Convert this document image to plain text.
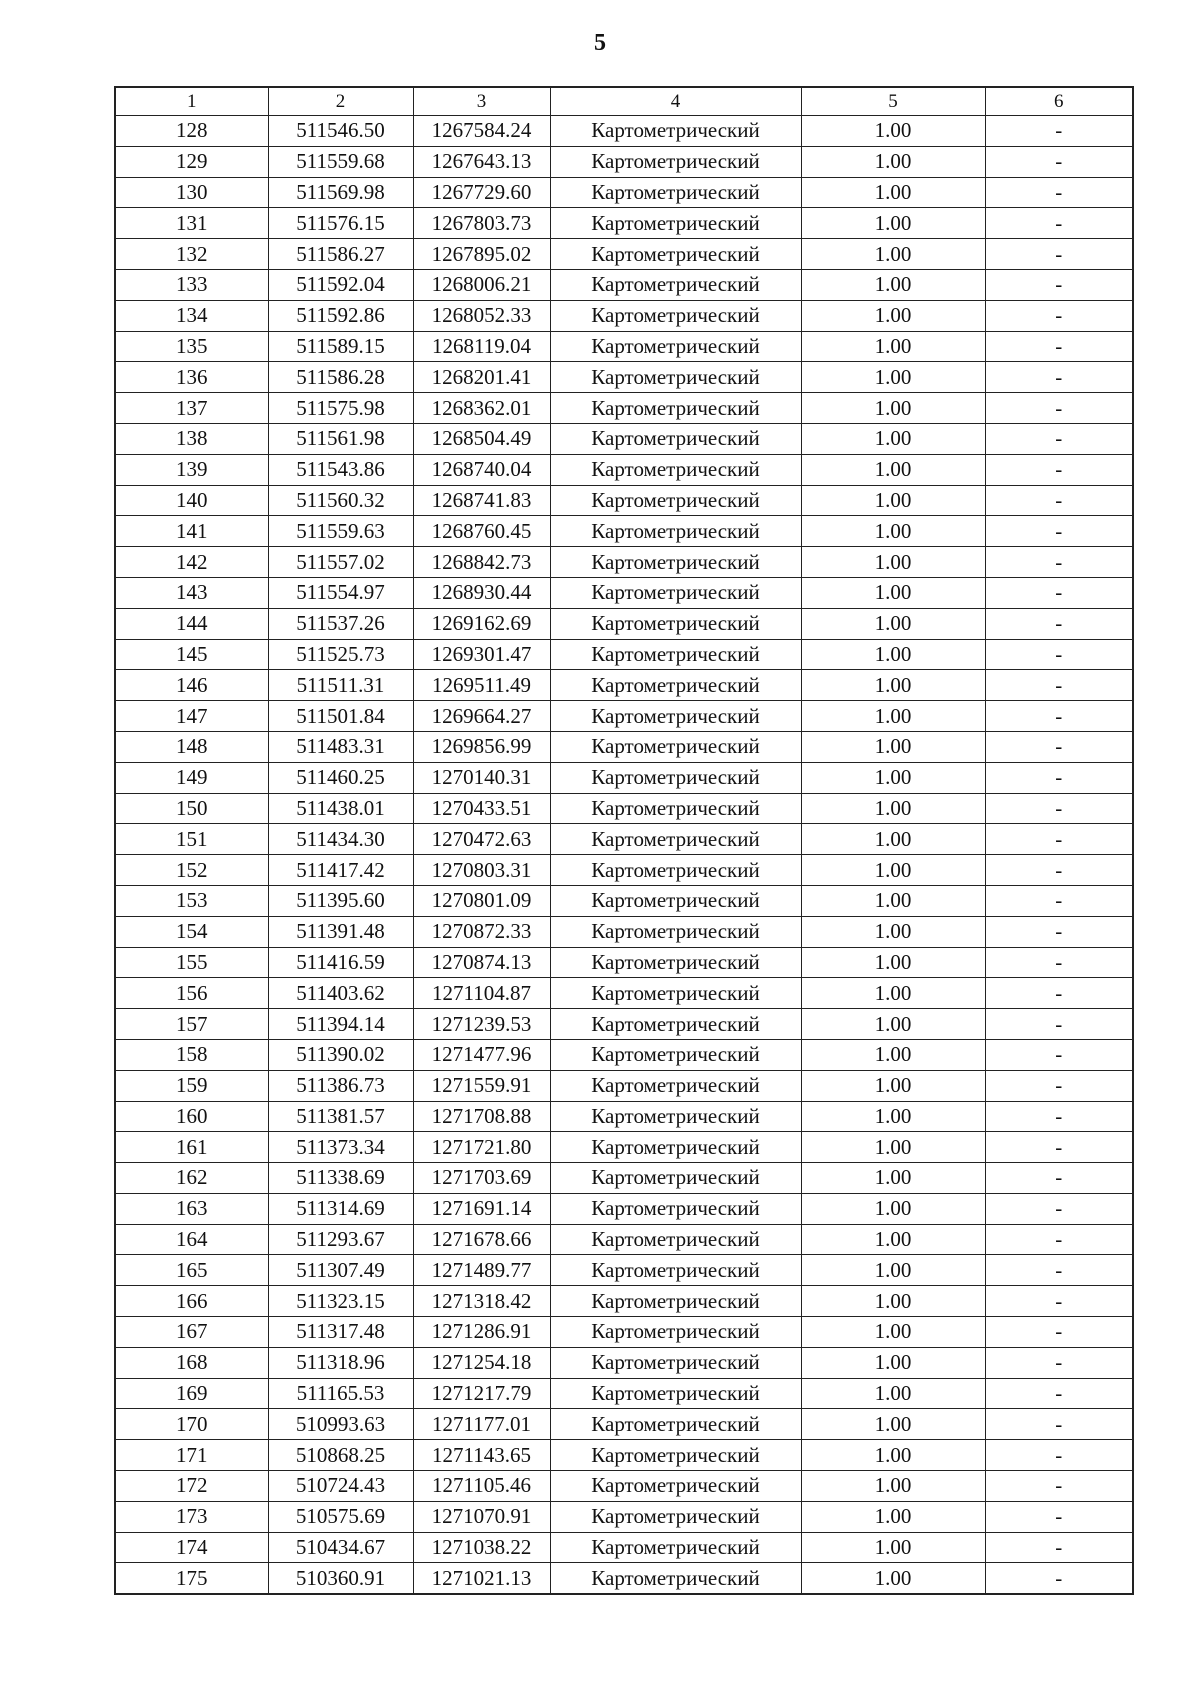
5
1	2	3	4	5	6
128	511546.50	1267584.24	Картометрический	1.00	-
129	511559.68	1267643.13	Картометрический	1.00	-
130	511569.98	1267729.60	Картометрический	1.00	-
131	511576.15	1267803.73	Картометрический	1.00	-
132	511586.27	1267895.02	Картометрический	1.00	-
133	511592.04	1268006.21	Картометрический	1.00	-
134	511592.86	1268052.33	Картометрический	1.00	-
135	511589.15	1268119.04	Картометрический	1.00	-
136	511586.28	1268201.41	Картометрический	1.00	-
137	511575.98	1268362.01	Картометрический	1.00	-
138	511561.98	1268504.49	Картометрический	1.00	-
139	511543.86	1268740.04	Картометрический	1.00	-
140	511560.32	1268741.83	Картометрический	1.00	-
141	511559.63	1268760.45	Картометрический	1.00	-
142	511557.02	1268842.73	Картометрический	1.00	-
143	511554.97	1268930.44	Картометрический	1.00	-
144	511537.26	1269162.69	Картометрический	1.00	-
145	511525.73	1269301.47	Картометрический	1.00	-
146	511511.31	1269511.49	Картометрический	1.00	-
147	511501.84	1269664.27	Картометрический	1.00	-
148	511483.31	1269856.99	Картометрический	1.00	-
149	511460.25	1270140.31	Картометрический	1.00	-
150	511438.01	1270433.51	Картометрический	1.00	-
151	511434.30	1270472.63	Картометрический	1.00	-
152	511417.42	1270803.31	Картометрический	1.00	-
153	511395.60	1270801.09	Картометрический	1.00	-
154	511391.48	1270872.33	Картометрический	1.00	-
155	511416.59	1270874.13	Картометрический	1.00	-
156	511403.62	1271104.87	Картометрический	1.00	-
157	511394.14	1271239.53	Картометрический	1.00	-
158	511390.02	1271477.96	Картометрический	1.00	-
159	511386.73	1271559.91	Картометрический	1.00	-
160	511381.57	1271708.88	Картометрический	1.00	-
161	511373.34	1271721.80	Картометрический	1.00	-
162	511338.69	1271703.69	Картометрический	1.00	-
163	511314.69	1271691.14	Картометрический	1.00	-
164	511293.67	1271678.66	Картометрический	1.00	-
165	511307.49	1271489.77	Картометрический	1.00	-
166	511323.15	1271318.42	Картометрический	1.00	-
167	511317.48	1271286.91	Картометрический	1.00	-
168	511318.96	1271254.18	Картометрический	1.00	-
169	511165.53	1271217.79	Картометрический	1.00	-
170	510993.63	1271177.01	Картометрический	1.00	-
171	510868.25	1271143.65	Картометрический	1.00	-
172	510724.43	1271105.46	Картометрический	1.00	-
173	510575.69	1271070.91	Картометрический	1.00	-
174	510434.67	1271038.22	Картометрический	1.00	-
175	510360.91	1271021.13	Картометрический	1.00	-
